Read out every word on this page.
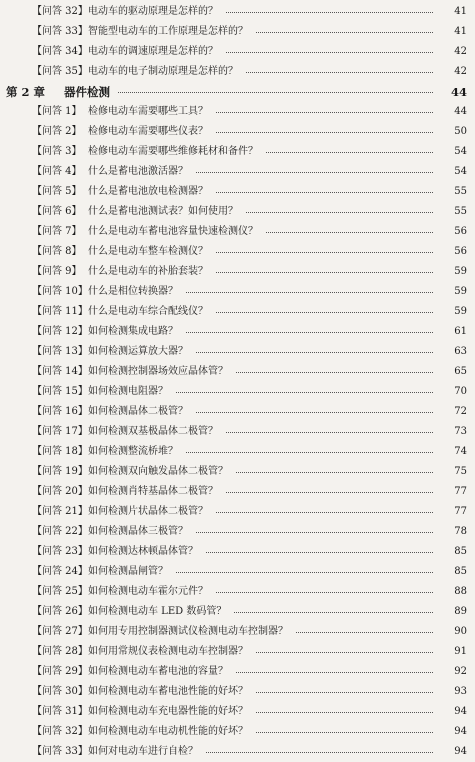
【问答 32】 电动车的驱动原理是怎样的？	41
【问答 33】 智能型电动车的工作原理是怎样的？	41
【问答 34】 电动车的调速原理是怎样的？	42
【问答 35】 电动车的电子制动原理是怎样的？	42
第 2 章 器件检测	44
【问答 1】 检修电动车需要哪些工具？	44
【问答 2】 检修电动车需要哪些仪表？	50
【问答 3】 检修电动车需要哪些维修耗材和备件？	54
【问答 4】 什么是蓄电池激活器？	54
【问答 5】 什么是蓄电池放电检测器？	55
【问答 6】 什么是蓄电池测试表？如何使用？	55
【问答 7】 什么是电动车蓄电池容量快速检测仪？	56
【问答 8】 什么是电动车整车检测仪？	56
【问答 9】 什么是电动车的补胎套装？	59
【问答 10】 什么是相位转换器？	59
【问答 11】 什么是电动车综合配线仪？	59
【问答 12】 如何检测集成电路？	61
【问答 13】 如何检测运算放大器？	63
【问答 14】 如何检测控制器场效应晶体管？	65
【问答 15】 如何检测电阻器？	70
【问答 16】 如何检测晶体二极管？	72
【问答 17】 如何检测双基极晶体二极管？	73
【问答 18】 如何检测整流桥堆？	74
【问答 19】 如何检测双向触发晶体二极管？	75
【问答 20】 如何检测肖特基晶体二极管？	77
【问答 21】 如何检测片状晶体二极管？	77
【问答 22】 如何检测晶体三极管？	78
【问答 23】 如何检测达林顿晶体管？	85
【问答 24】 如何检测晶闸管？	85
【问答 25】 如何检测电动车霍尔元件？	88
【问答 26】 如何检测电动车 LED 数码管？	89
【问答 27】 如何用专用控制器测试仪检测电动车控制器？	90
【问答 28】 如何用常规仪表检测电动车控制器？	91
【问答 29】 如何检测电动车蓄电池的容量？	92
【问答 30】 如何检测电动车蓄电池性能的好坏？	93
【问答 31】 如何检测电动车充电器性能的好坏？	94
【问答 32】 如何检测电动车电动机性能的好坏？	94
【问答 33】 如何对电动车进行自检？	94
